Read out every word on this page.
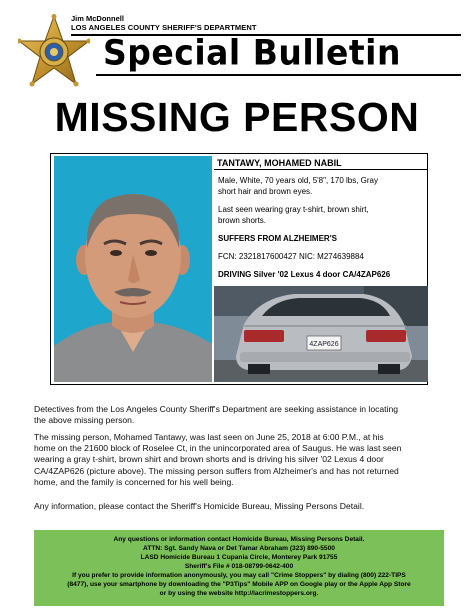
Jim McDonnell
LOS ANGELES COUNTY SHERIFF'S DEPARTMENT
Special Bulletin
MISSING PERSON
TANTAWY, MOHAMED NABIL
Male, White, 70 years old, 5'8", 170 lbs, Gray
short hair and brown eyes.
Last seen wearing gray t-shirt, brown shirt,
brown shorts.
SUFFERS FROM ALZHEIMER'S
FCN: 2321817600427 NIC: M274639884
DRIVING Silver '02 Lexus 4 door CA/4ZAP626
4ZAP626
Detectives from the Los Angeles County Sheriff's Department are seeking assistance in locating
the above missing person.
The missing person, Mohamed Tantawy, was last seen on June 25, 2018 at 6:00 P.M., at his
home on the 21600 block of Roselee Ct, in the unincorporated area of Saugus. He was last seen
wearing a gray t-shirt, brown shirt and brown shorts and is driving his silver '02 Lexus 4 door
CA/4ZAP626 (picture above). The missing person suffers from Alzheimer's and has not returned
home, and the family is concerned for his well being.
Any information, please contact the Sheriff's Homicide Bureau, Missing Persons Detail.
Any questions or information contact Homicide Bureau, Missing Persons Detail.
ATTN: Sgt. Sandy Nava or Det Tamar Abraham (323) 890-5500
LASD Homicide Bureau 1 Cupania Circle, Monterey Park 91755
Sheriff's File # 018-08799-0642-400
If you prefer to provide information anonymously, you may call "Crime Stoppers" by dialing (800) 222-TIPS
(8477), use your smartphone by downloading the "P3Tips" Mobile APP on Google play or the Apple App Store
or by using the website http://lacrimestoppers.org.
